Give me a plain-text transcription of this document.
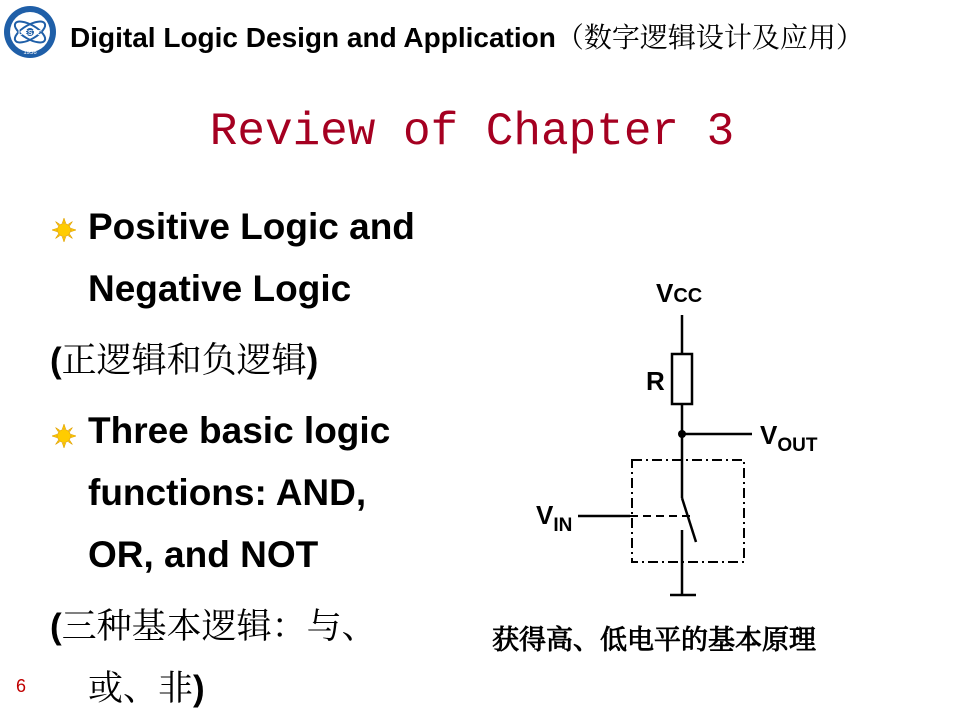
UESTC
1956 Digital Logic Design and Application（数字逻辑设计及应用）
Review of Chapter 3
Positive Logic and
Negative Logic
(正逻辑和负逻辑)
Three basic logic
functions: AND,
OR, and NOT
(三种基本逻辑：与、
或、非)
VCC
R
$V_{OUT}$
$V_{IN}$
获得高、低电平的基本原理
6
